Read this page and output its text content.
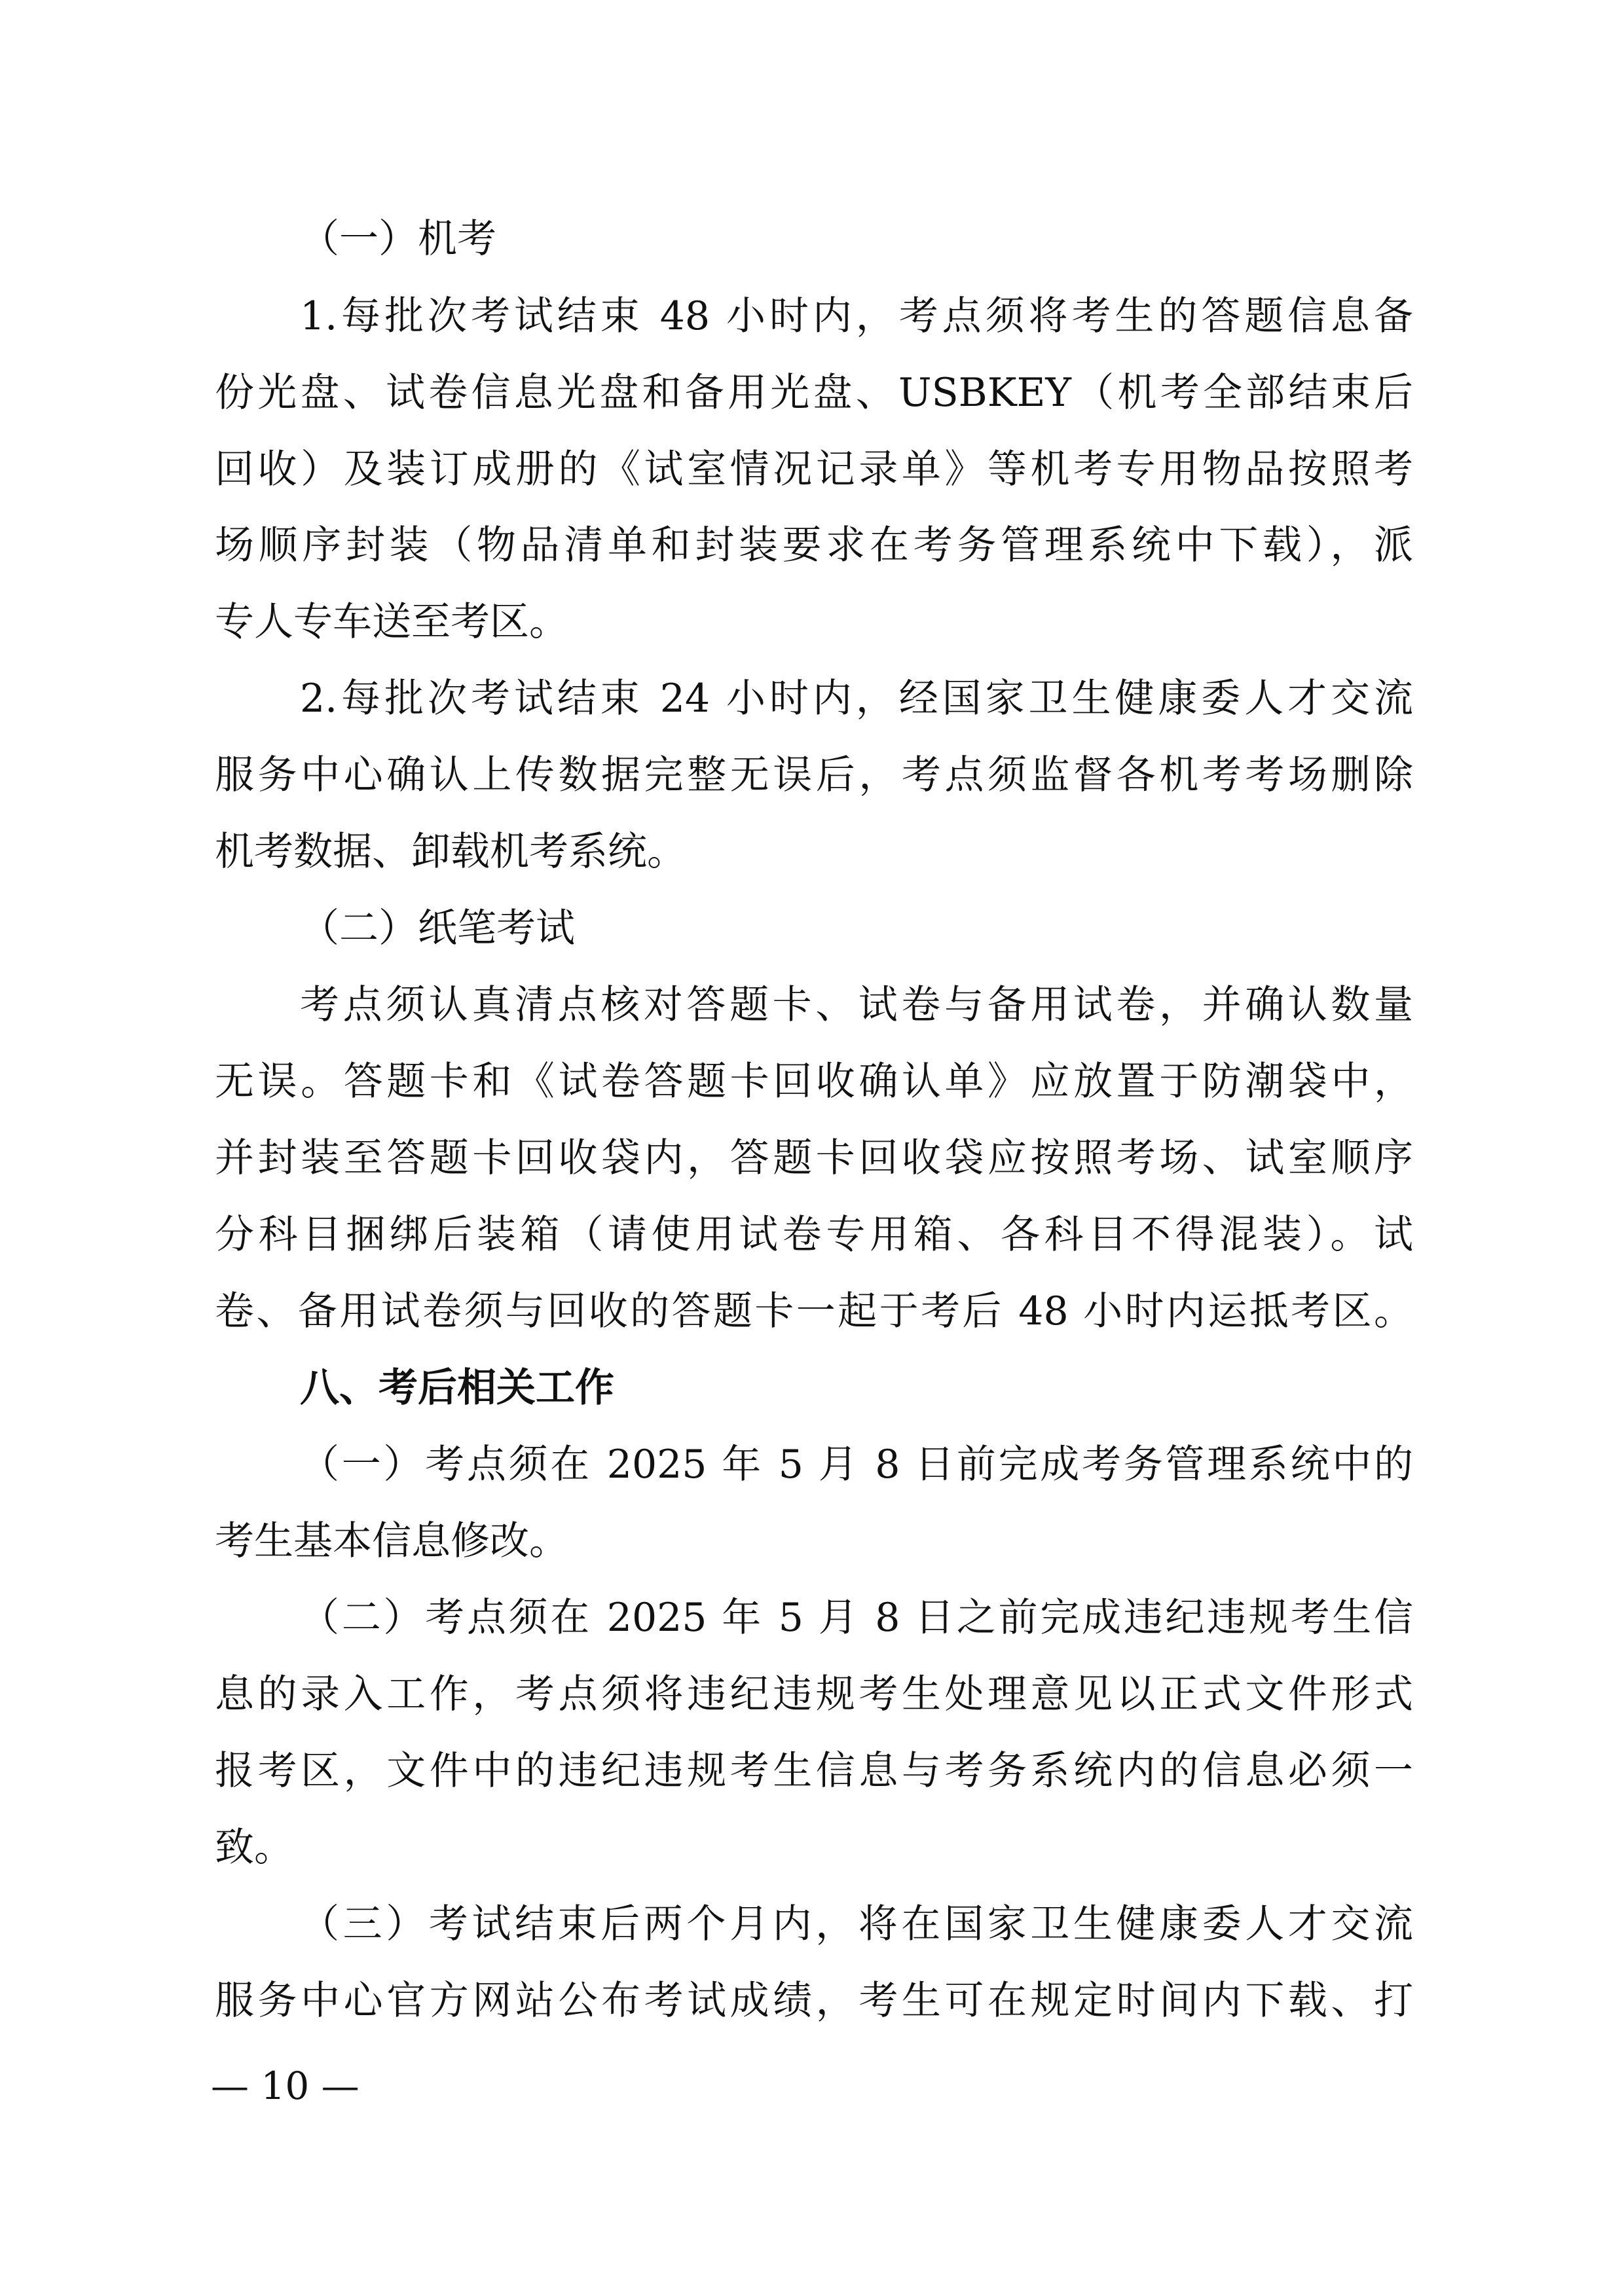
（一）机考
1.每批次考试结束 48 小时内，考点须将考生的答题信息备
份光盘、试卷信息光盘和备用光盘、USBKEY（机考全部结束后
回收）及装订成册的《试室情况记录单》等机考专用物品按照考
场顺序封装（物品清单和封装要求在考务管理系统中下载），派
专人专车送至考区。
2.每批次考试结束 24 小时内，经国家卫生健康委人才交流
服务中心确认上传数据完整无误后，考点须监督各机考考场删除
机考数据、卸载机考系统。
（二）纸笔考试
考点须认真清点核对答题卡、试卷与备用试卷，并确认数量
无误。答题卡和《试卷答题卡回收确认单》应放置于防潮袋中，
并封装至答题卡回收袋内，答题卡回收袋应按照考场、试室顺序
分科目捆绑后装箱（请使用试卷专用箱、各科目不得混装）。试
卷、备用试卷须与回收的答题卡一起于考后 48 小时内运抵考区。
八、考后相关工作
（一）考点须在 2025 年 5 月 8 日前完成考务管理系统中的
考生基本信息修改。
（二）考点须在 2025 年 5 月 8 日之前完成违纪违规考生信
息的录入工作，考点须将违纪违规考生处理意见以正式文件形式
报考区，文件中的违纪违规考生信息与考务系统内的信息必须一
致。
（三）考试结束后两个月内，将在国家卫生健康委人才交流
服务中心官方网站公布考试成绩，考生可在规定时间内下载、打
— 10 —
